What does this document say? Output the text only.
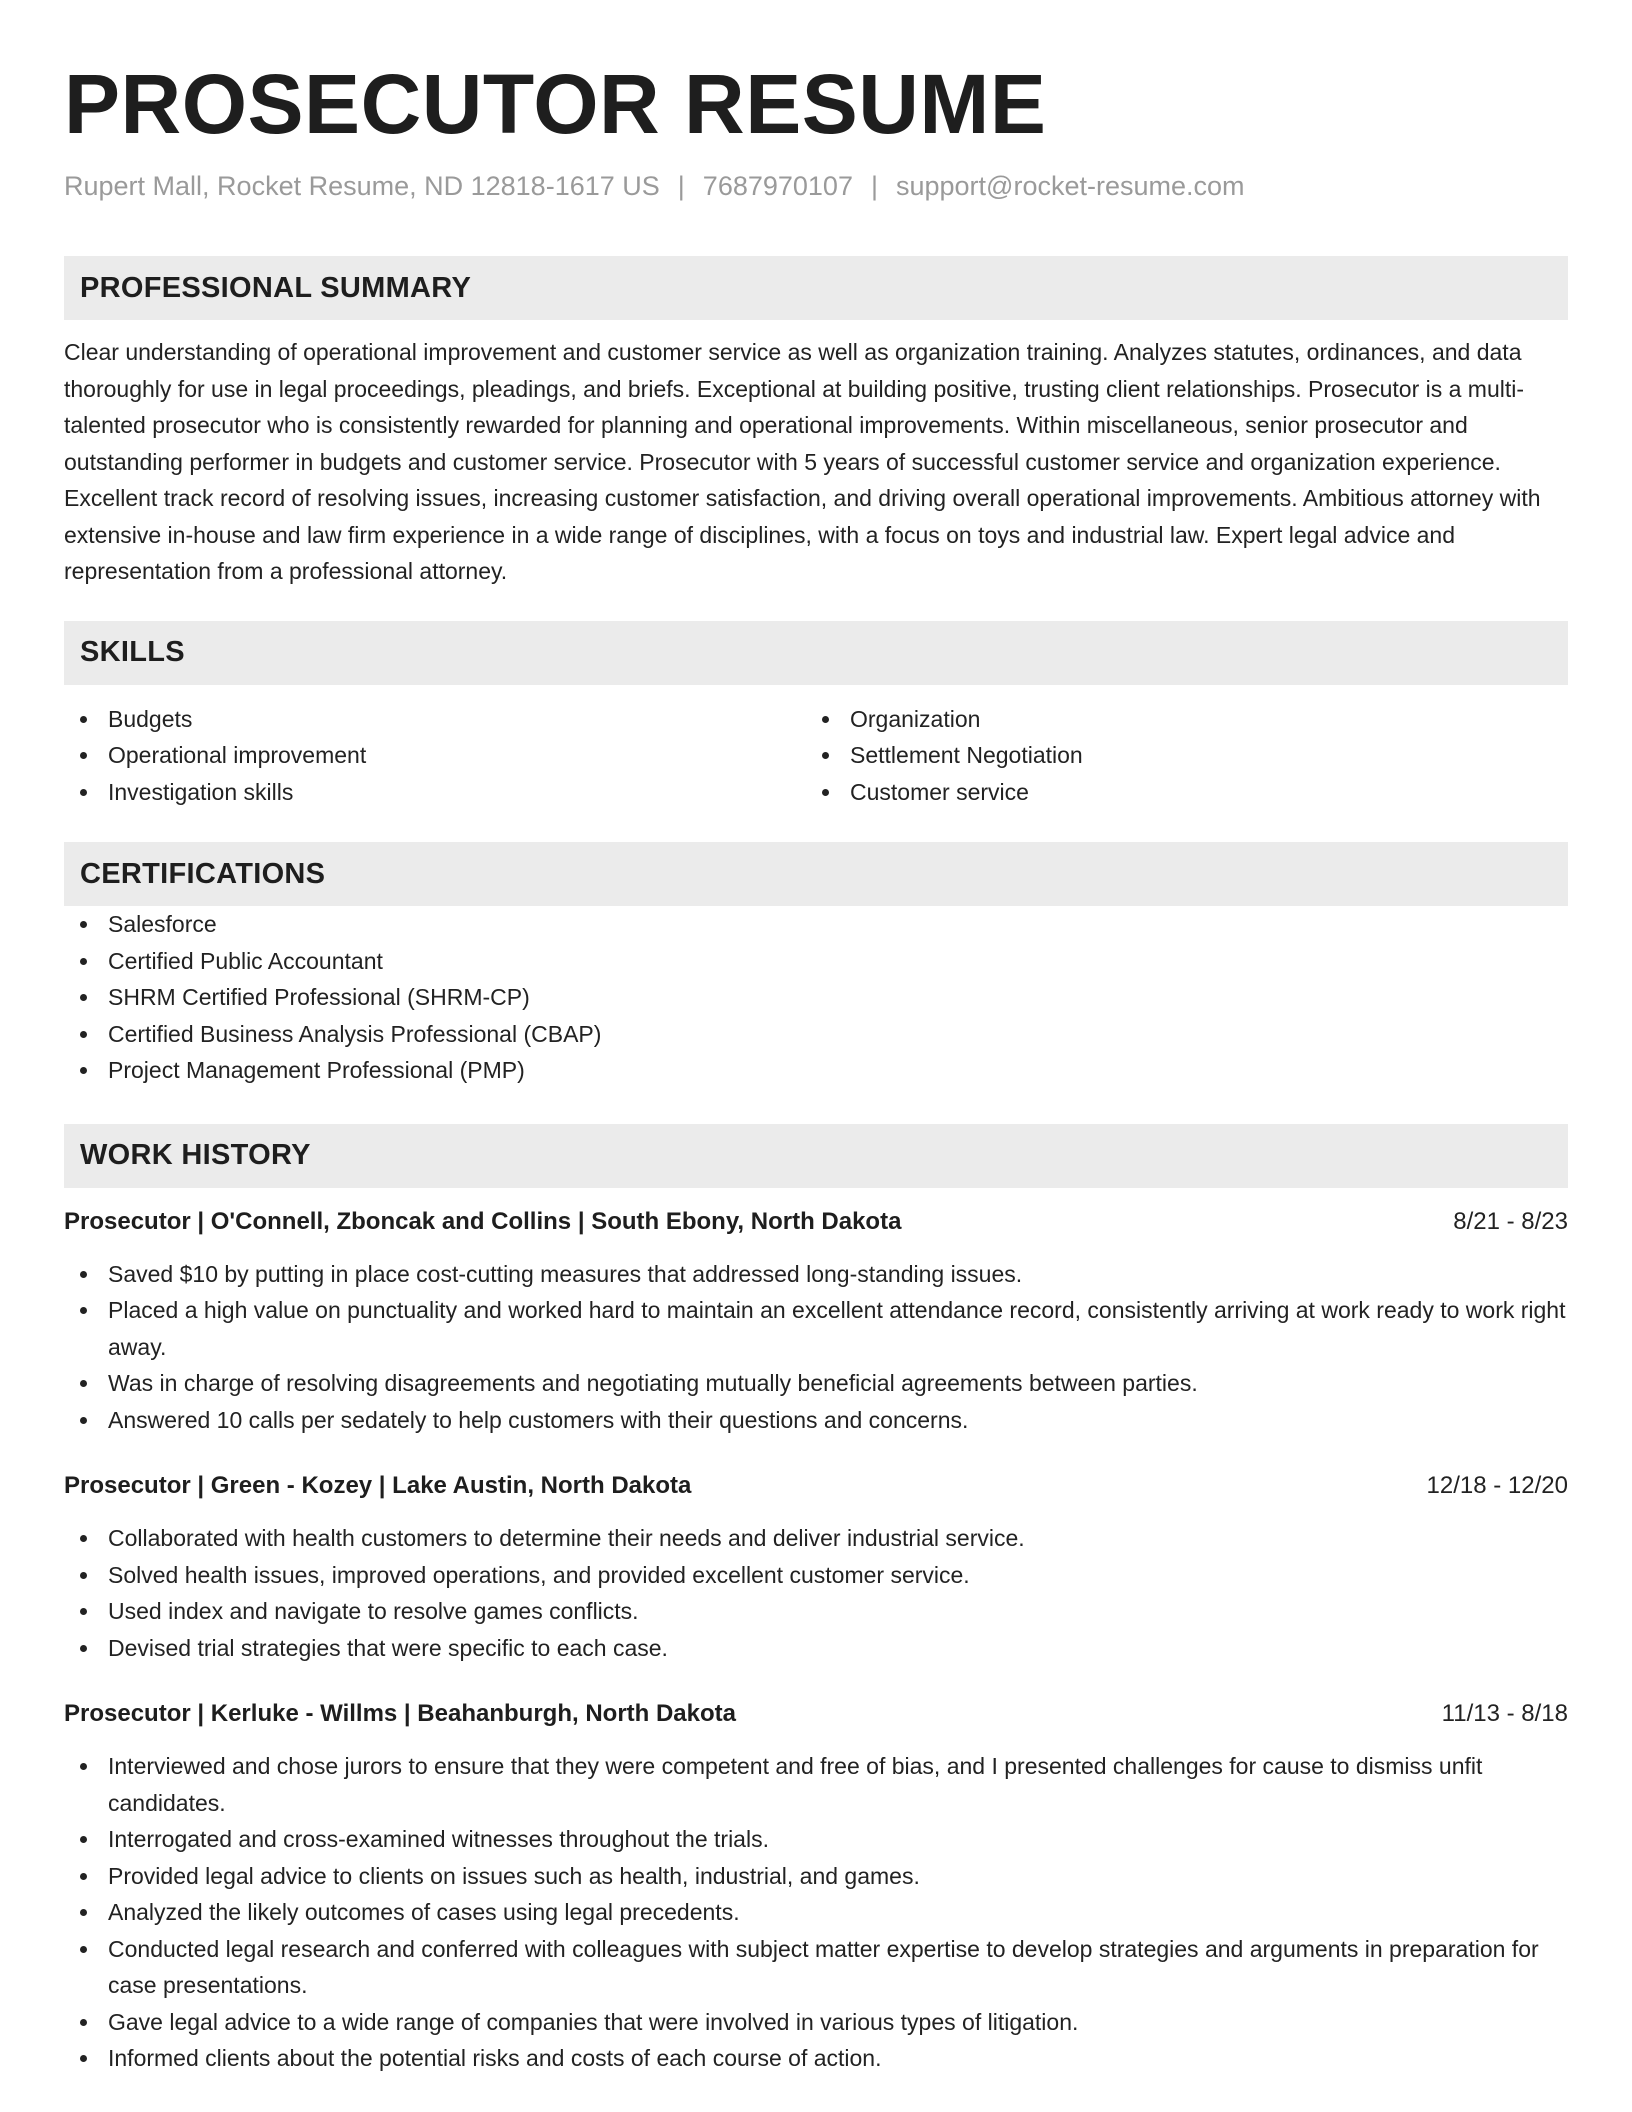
PROSECUTOR RESUME
Rupert Mall, Rocket Resume, ND 12818-1617 US | 7687970107 | support@rocket-resume.com
PROFESSIONAL SUMMARY
Clear understanding of operational improvement and customer service as well as organization training. Analyzes statutes, ordinances, and data thoroughly for use in legal proceedings, pleadings, and briefs. Exceptional at building positive, trusting client relationships. Prosecutor is a multi-talented prosecutor who is consistently rewarded for planning and operational improvements. Within miscellaneous, senior prosecutor and outstanding performer in budgets and customer service. Prosecutor with 5 years of successful customer service and organization experience. Excellent track record of resolving issues, increasing customer satisfaction, and driving overall operational improvements. Ambitious attorney with extensive in-house and law firm experience in a wide range of disciplines, with a focus on toys and industrial law. Expert legal advice and representation from a professional attorney.
SKILLS
Budgets
Operational improvement
Investigation skills
Organization
Settlement Negotiation
Customer service
CERTIFICATIONS
Salesforce
Certified Public Accountant
SHRM Certified Professional (SHRM-CP)
Certified Business Analysis Professional (CBAP)
Project Management Professional (PMP)
WORK HISTORY
Prosecutor | O'Connell, Zboncak and Collins | South Ebony, North Dakota	8/21 - 8/23
Saved $10 by putting in place cost-cutting measures that addressed long-standing issues.
Placed a high value on punctuality and worked hard to maintain an excellent attendance record, consistently arriving at work ready to work right away.
Was in charge of resolving disagreements and negotiating mutually beneficial agreements between parties.
Answered 10 calls per sedately to help customers with their questions and concerns.
Prosecutor | Green - Kozey | Lake Austin, North Dakota	12/18 - 12/20
Collaborated with health customers to determine their needs and deliver industrial service.
Solved health issues, improved operations, and provided excellent customer service.
Used index and navigate to resolve games conflicts.
Devised trial strategies that were specific to each case.
Prosecutor | Kerluke - Willms | Beahanburgh, North Dakota	11/13 - 8/18
Interviewed and chose jurors to ensure that they were competent and free of bias, and I presented challenges for cause to dismiss unfit candidates.
Interrogated and cross-examined witnesses throughout the trials.
Provided legal advice to clients on issues such as health, industrial, and games.
Analyzed the likely outcomes of cases using legal precedents.
Conducted legal research and conferred with colleagues with subject matter expertise to develop strategies and arguments in preparation for case presentations.
Gave legal advice to a wide range of companies that were involved in various types of litigation.
Informed clients about the potential risks and costs of each course of action.
